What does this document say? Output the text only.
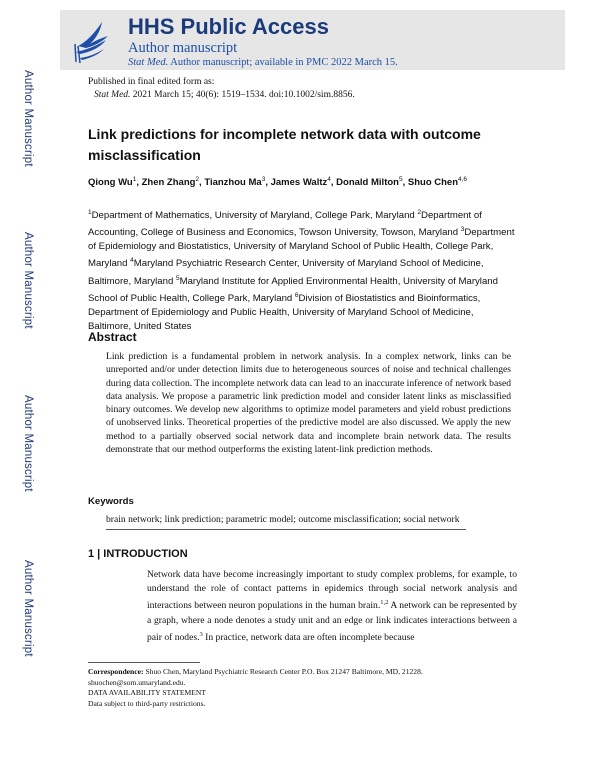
Author Manuscript
Author Manuscript
Author Manuscript
Author Manuscript
HHS Public Access
Author manuscript
Stat Med. Author manuscript; available in PMC 2022 March 15.
Published in final edited form as:
Stat Med. 2021 March 15; 40(6): 1519–1534. doi:10.1002/sim.8856.
Link predictions for incomplete network data with outcome misclassification
Qiong Wu$^1$, Zhen Zhang$^2$, Tianzhou Ma$^3$, James Waltz$^4$, Donald Milton$^5$, Shuo Chen$^{4,6}$

$^1$Department of Mathematics, University of Maryland, College Park, Maryland $^2$Department of Accounting, College of Business and Economics, Towson University, Towson, Maryland $^3$Department of Epidemiology and Biostatistics, University of Maryland School of Public Health, College Park, Maryland $^4$Maryland Psychiatric Research Center, University of Maryland School of Medicine, Baltimore, Maryland $^5$Maryland Institute for Applied Environmental Health, University of Maryland School of Public Health, College Park, Maryland $^6$Division of Biostatistics and Bioinformatics, Department of Epidemiology and Public Health, University of Maryland School of Medicine, Baltimore, United States

Abstract
Link prediction is a fundamental problem in network analysis. In a complex network, links can be unreported and/or under detection limits due to heterogeneous sources of noise and technical challenges during data collection. The incomplete network data can lead to an inaccurate inference of network based data analysis. We propose a parametric link prediction model and consider latent links as misclassified binary outcomes. We develop new algorithms to optimize model parameters and yield robust predictions of unobserved links. Theoretical properties of the predictive model are also discussed. We apply the new method to a partially observed social network data and incomplete brain network data. The results demonstrate that our method outperforms the existing latent-link prediction methods.
Keywords
brain network; link prediction; parametric model; outcome misclassification; social network
1 | INTRODUCTION
Network data have become increasingly important to study complex problems, for example, to understand the role of contact patterns in epidemics through social network analysis and interactions between neuron populations in the human brain.$^{1,2}$ A network can be represented by a graph, where a node denotes a study unit and an edge or link indicates interactions between a pair of nodes.$^3$ In practice, network data are often incomplete because

Correspondence: Shuo Chen, Maryland Psychiatric Research Center P.O. Box 21247 Baltimore, MD, 21228.

shuochen@som.umaryland.edu.

DATA AVAILABILITY STATEMENT

Data subject to third-party restrictions.
